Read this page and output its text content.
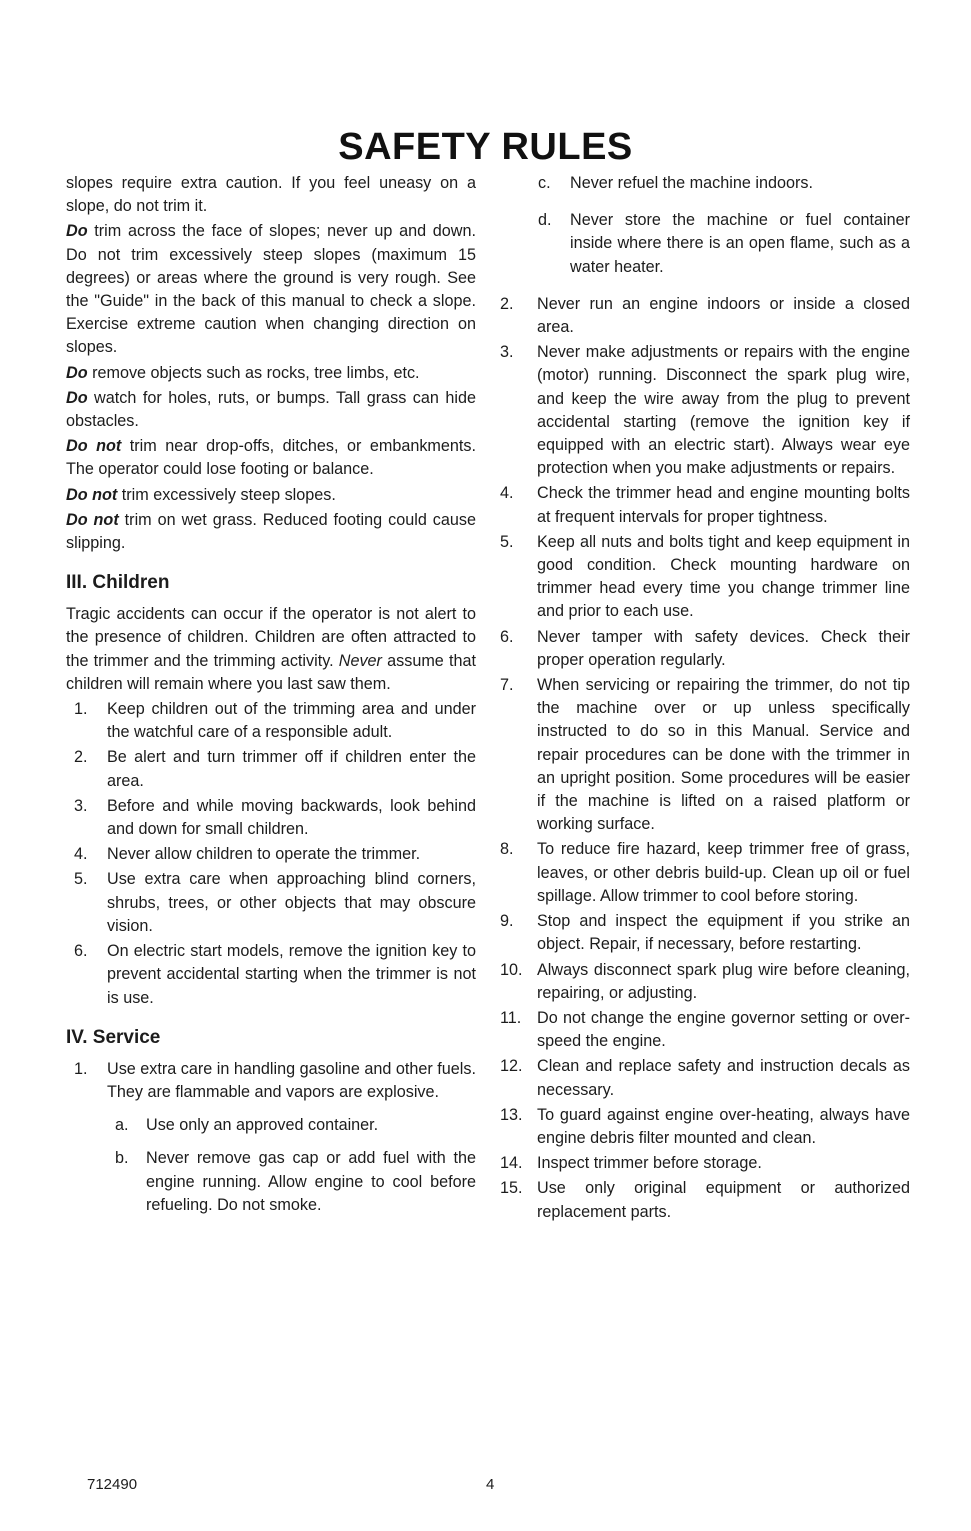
SAFETY RULES

slopes require extra caution. If you feel uneasy on a slope, do not trim it.

Do trim across the face of slopes; never up and down. Do not trim excessively steep slopes (maximum 15 degrees) or areas where the ground is very rough. See the "Guide" in the back of this manual to check a slope. Exercise extreme caution when changing direction on slopes.

Do remove objects such as rocks, tree limbs, etc.

Do watch for holes, ruts, or bumps. Tall grass can hide obstacles.

Do not trim near drop-offs, ditches, or embankments. The operator could lose footing or balance.

Do not trim excessively steep slopes.

Do not trim on wet grass. Reduced footing could cause slipping.

III. Children

Tragic accidents can occur if the operator is not alert to the presence of children. Children are often attracted to the trimmer and the trimming activity. Never assume that children will remain where you last saw them.

1. Keep children out of the trimming area and under the watchful care of a responsible adult.
2. Be alert and turn trimmer off if children enter the area.
3. Before and while moving backwards, look behind and down for small children.
4. Never allow children to operate the trimmer.
5. Use extra care when approaching blind corners, shrubs, trees, or other objects that may obscure vision.
6. On electric start models, remove the ignition key to prevent accidental starting when the trimmer is not is use.
IV. Service
1. Use extra care in handling gasoline and other fuels. They are flammable and vapors are explosive.
a. Use only an approved container.
b. Never remove gas cap or add fuel with the engine running. Allow engine to cool before refueling. Do not smoke.
c. Never refuel the machine indoors.
d. Never store the machine or fuel container inside where there is an open flame, such as a water heater.
2. Never run an engine indoors or inside a closed area.
3. Never make adjustments or repairs with the engine (motor) running. Disconnect the spark plug wire, and keep the wire away from the plug to prevent accidental starting (remove the ignition key if equipped with an electric start). Always wear eye protection when you make adjustments or repairs.
4. Check the trimmer head and engine mounting bolts at frequent intervals for proper tightness.
5. Keep all nuts and bolts tight and keep equipment in good condition. Check mounting hardware on trimmer head every time you change trimmer line and prior to each use.
6. Never tamper with safety devices. Check their proper operation regularly.
7. When servicing or repairing the trimmer, do not tip the machine over or up unless specifically instructed to do so in this Manual. Service and repair procedures can be done with the trimmer in an upright position. Some procedures will be easier if the machine is lifted on a raised platform or working surface.
8. To reduce fire hazard, keep trimmer free of grass, leaves, or other debris build-up. Clean up oil or fuel spillage. Allow trimmer to cool before storing.
9. Stop and inspect the equipment if you strike an object. Repair, if necessary, before restarting.
10. Always disconnect spark plug wire before cleaning, repairing, or adjusting.
11. Do not change the engine governor setting or over-speed the engine.
12. Clean and replace safety and instruction decals as necessary.
13. To guard against engine over-heating, always have engine debris filter mounted and clean.
14. Inspect trimmer before storage.
15. Use only original equipment or authorized replacement parts.
712490	4
